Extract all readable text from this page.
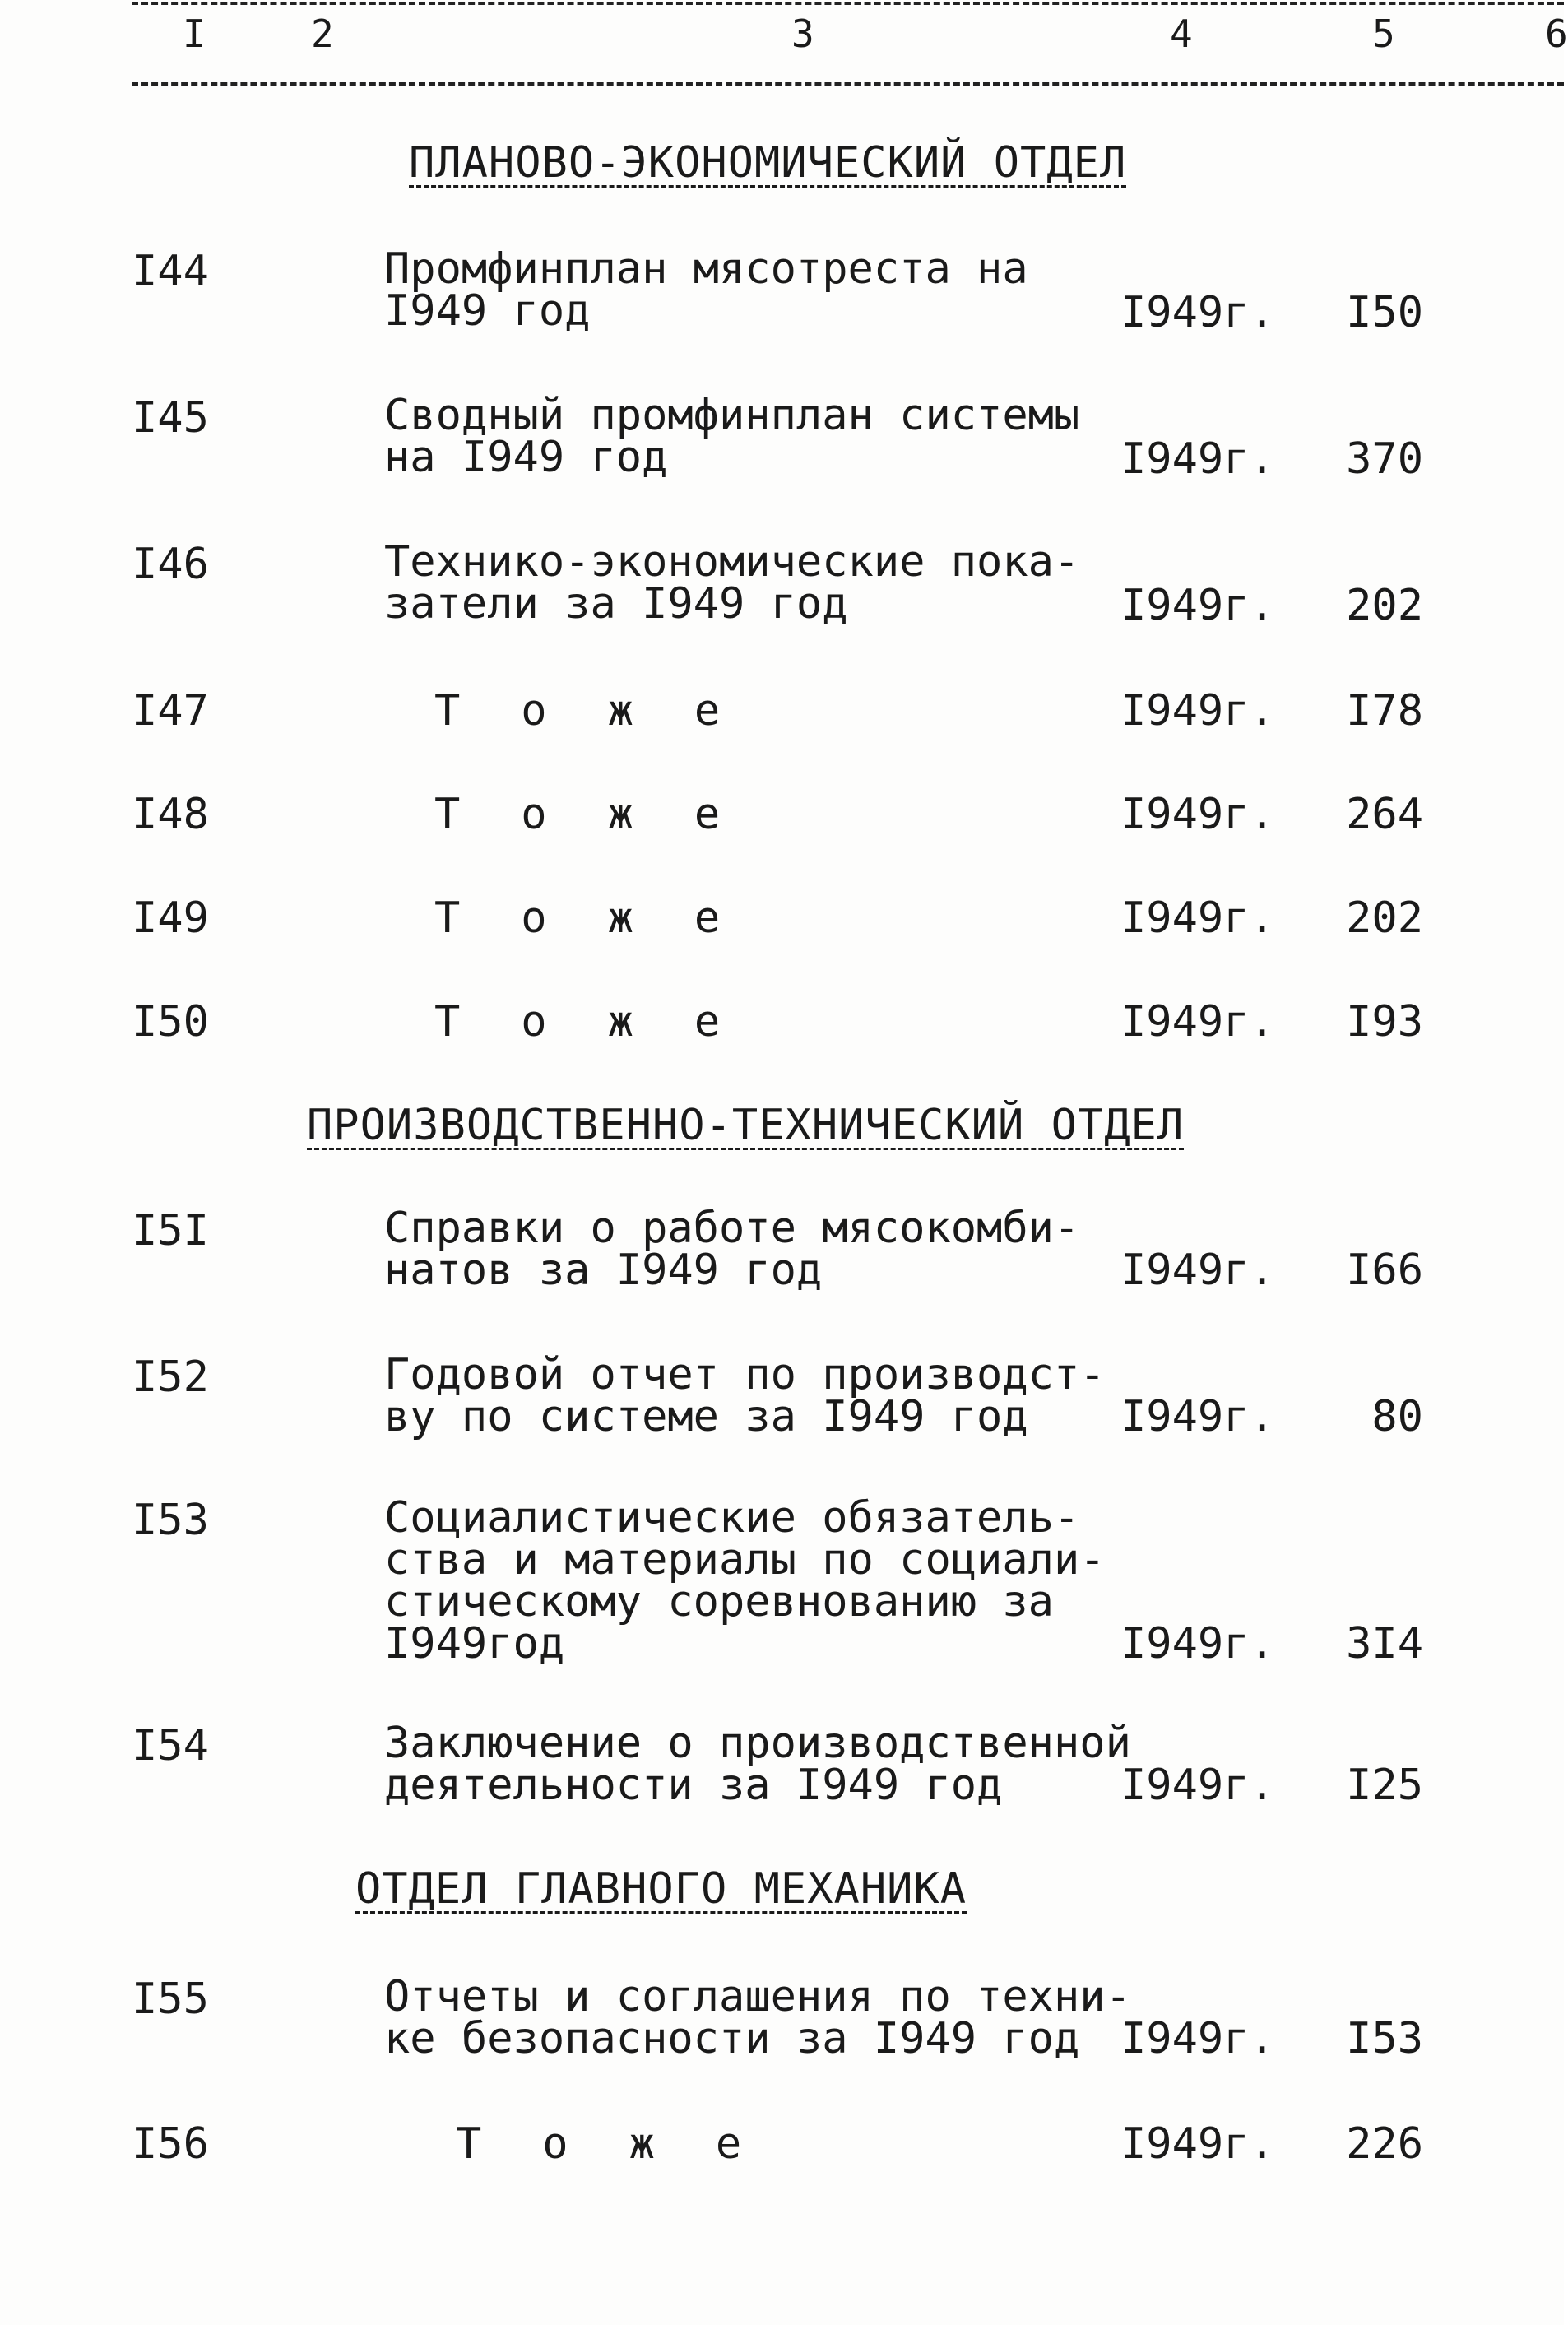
I	2	3	4	5	6
ПЛАНОВО-ЭКОНОМИЧЕСКИЙ ОТДЕЛ
I44	Промфинплан мясотреста на
I949 год	I949г.	I50
I45	Сводный промфинплан системы
на I949 год	I949г.	370
I46	Технико-экономические пока-
затели за I949 год	I949г.	202
I47	Тоже	I949г.	I78
I48	Тоже	I949г.	264
I49	Тоже	I949г.	202
I50	Тоже	I949г.	I93
ПРОИЗВОДСТВЕННО-ТЕХНИЧЕСКИЙ ОТДЕЛ
I5I	Справки о работе мясокомби-
натов за I949 год	I949г.	I66
I52	Годовой отчет по производст-
ву по системе за I949 год	I949г.	80
I53	Социалистические обязатель-
ства и материалы по социали-
стическому соревнованию за
I949год	I949г.	3I4
I54	Заключение о производственной
деятельности за I949 год	I949г.	I25
ОТДЕЛ ГЛАВНОГО МЕХАНИКА
I55	Отчеты и соглашения по техни-
ке безопасности за I949 год I949г.	I53
I56	Тоже	I949г.	226
